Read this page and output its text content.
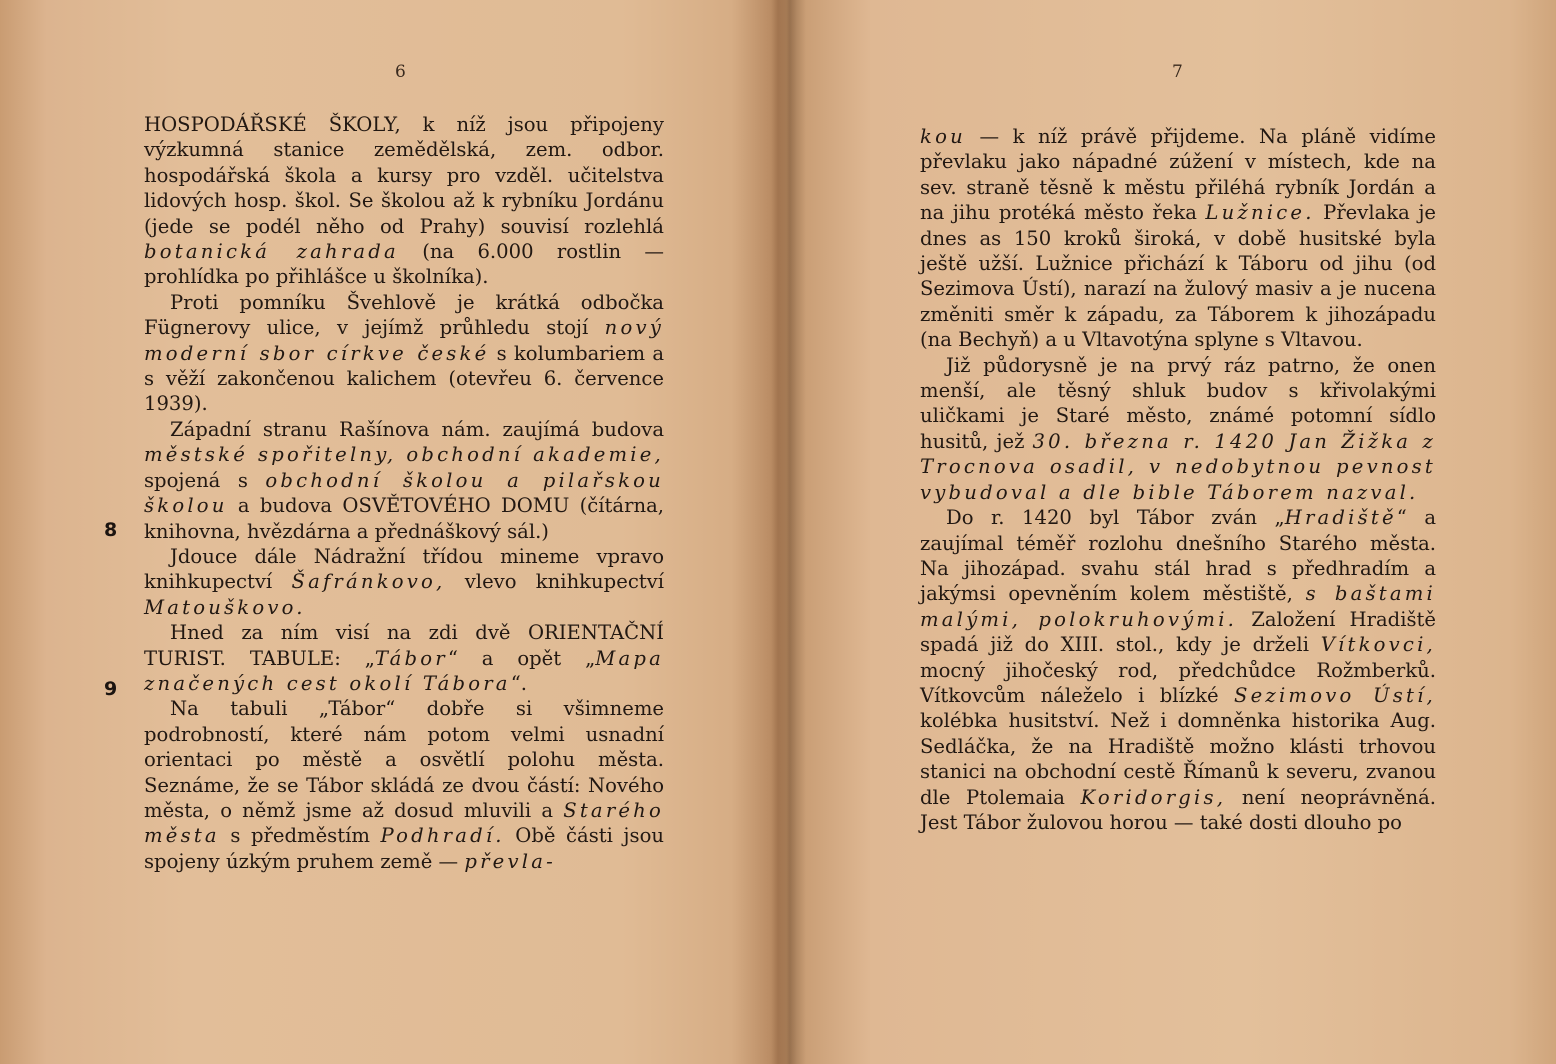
6	7
8
9

HOSPODÁŘSKÉ ŠKOLY, k níž jsou připojeny výzkumná stanice zemědělská, zem. odbor. hospodářská škola a kursy pro vzděl. učitelstva lidových hosp. škol. Se školou až k rybníku Jordánu (jede se podél něho od Prahy) souvisí rozlehlá botanická zahrada (na 6.000 rostlin — prohlídka po přihlášce u školníka).

Proti pomníku Švehlově je krátká odbočka Fügnerovy ulice, v jejímž průhledu stojí nový moderní sbor církve české s kolumbariem a s věží zakončenou kalichem (otevřeu 6. července 1939).

Západní stranu Rašínova nám. zaujímá budova městské spořitelny, obchodní akademie, spojená s obchodní školou a pilařskou školou a budova OSVĚTOVÉHO DOMU (čítárna, knihovna, hvězdárna a přednáškový sál.)

Jdouce dále Nádražní třídou mineme vpravo knihkupectví Šafránkovo, vlevo knihkupectví Matouškovo.

Hned za ním visí na zdi dvě ORIENTAČNÍ TURIST. TABULE: „Tábor“ a opět „Mapa značených cest okolí Tábora“.

Na tabuli „Tábor“ dobře si všimneme podrobností, které nám potom velmi usnadní orientaci po městě a osvětlí polohu města. Seznáme, že se Tábor skládá ze dvou částí: Nového města, o němž jsme až dosud mluvili a Starého města s předměstím Podhradí. Obě části jsou spojeny úzkým pruhem země — převla-

kou — k níž právě přijdeme. Na pláně vidíme převlaku jako nápadné zúžení v místech, kde na sev. straně těsně k městu přiléhá rybník Jordán a na jihu protéká město řeka Lužnice. Převlaka je dnes as 150 kroků široká, v době husitské byla ještě užší. Lužnice přichází k Táboru od jihu (od Sezimova Ústí), narazí na žulový masiv a je nucena změniti směr k západu, za Táborem k jihozápadu (na Bechyň) a u Vltavotýna splyne s Vltavou.

Již půdorysně je na prvý ráz patrno, že onen menší, ale těsný shluk budov s křivolakými uličkami je Staré město, známé potomní sídlo husitů, jež 30. března r. 1420 Jan Žižka z Trocnova osadil, v nedobytnou pevnost vybudoval a dle bible Táborem nazval.

Do r. 1420 byl Tábor zván „Hradiště“ a zaujímal téměř rozlohu dnešního Starého města. Na jihozápad. svahu stál hrad s předhradím a jakýmsi opevněním kolem městiště, s baštami malými, polokruhovými. Založení Hradiště spadá již do XIII. stol., kdy je drželi Vítkovci, mocný jihočeský rod, předchůdce Rožmberků. Vítkovcům náleželo i blízké Sezimovo Ústí, kolébka husitství. Než i domněnka historika Aug. Sedláčka, že na Hradiště možno klásti trhovou stanici na obchodní cestě Římanů k severu, zvanou dle Ptolemaia Koridorgis, není neoprávněná. Jest Tábor žulovou horou — také dosti dlouho po
